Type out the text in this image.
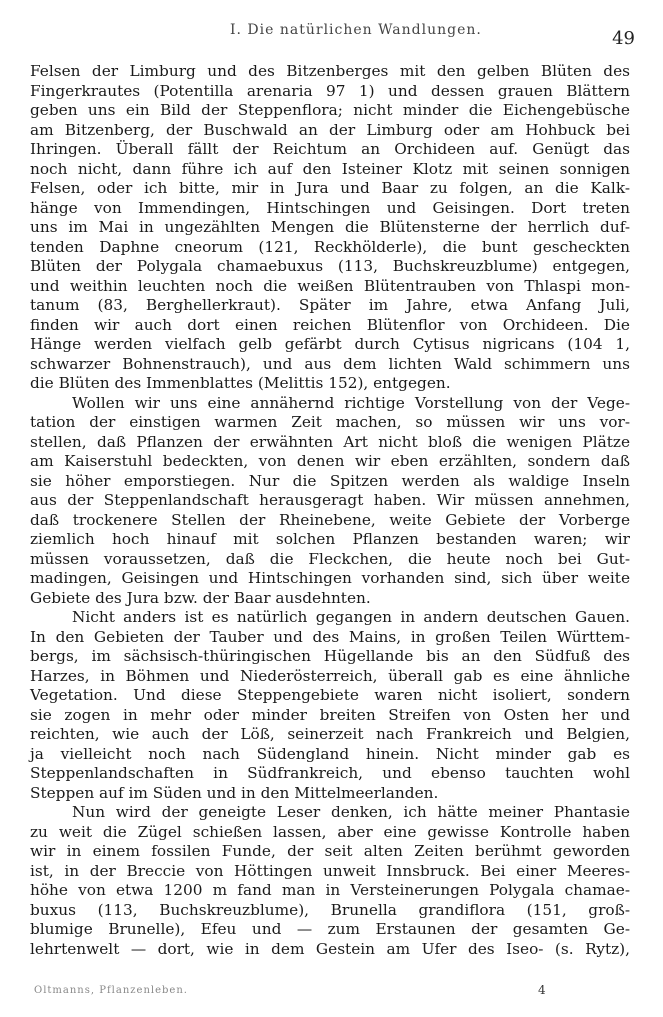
I. Die natürlichen Wandlungen.	49
Felsen der Limburg und des Bitzenberges mit den gelben Blüten des
Fingerkrautes (Potentilla arenaria 97 1) und dessen grauen Blättern
geben uns ein Bild der Steppenflora; nicht minder die Eichengebüsche
am Bitzenberg, der Buschwald an der Limburg oder am Hohbuck bei
Ihringen. Überall fällt der Reichtum an Orchideen auf. Genügt das
noch nicht, dann führe ich auf den Isteiner Klotz mit seinen sonnigen
Felsen, oder ich bitte, mir in Jura und Baar zu folgen, an die Kalk-
hänge von Immendingen, Hintschingen und Geisingen. Dort treten
uns im Mai in ungezählten Mengen die Blütensterne der herrlich duf-
tenden Daphne cneorum (121, Reckhölderle), die bunt gescheckten
Blüten der Polygala chamaebuxus (113, Buchskreuzblume) entgegen,
und weithin leuchten noch die weißen Blütentrauben von Thlaspi mon-
tanum (83, Berghellerkraut). Später im Jahre, etwa Anfang Juli,
finden wir auch dort einen reichen Blütenflor von Orchideen. Die
Hänge werden vielfach gelb gefärbt durch Cytisus nigricans (104 1,
schwarzer Bohnenstrauch), und aus dem lichten Wald schimmern uns
die Blüten des Immenblattes (Melittis 152), entgegen.
Wollen wir uns eine annähernd richtige Vorstellung von der Vege-
tation der einstigen warmen Zeit machen, so müssen wir uns vor-
stellen, daß Pflanzen der erwähnten Art nicht bloß die wenigen Plätze
am Kaiserstuhl bedeckten, von denen wir eben erzählten, sondern daß
sie höher emporstiegen. Nur die Spitzen werden als waldige Inseln
aus der Steppenlandschaft herausgeragt haben. Wir müssen annehmen,
daß trockenere Stellen der Rheinebene, weite Gebiete der Vorberge
ziemlich hoch hinauf mit solchen Pflanzen bestanden waren; wir
müssen voraussetzen, daß die Fleckchen, die heute noch bei Gut-
madingen, Geisingen und Hintschingen vorhanden sind, sich über weite
Gebiete des Jura bzw. der Baar ausdehnten.
Nicht anders ist es natürlich gegangen in andern deutschen Gauen.
In den Gebieten der Tauber und des Mains, in großen Teilen Württem-
bergs, im sächsisch-thüringischen Hügellande bis an den Südfuß des
Harzes, in Böhmen und Niederösterreich, überall gab es eine ähnliche
Vegetation. Und diese Steppengebiete waren nicht isoliert, sondern
sie zogen in mehr oder minder breiten Streifen von Osten her und
reichten, wie auch der Löß, seinerzeit nach Frankreich und Belgien,
ja vielleicht noch nach Südengland hinein. Nicht minder gab es
Steppenlandschaften in Südfrankreich, und ebenso tauchten wohl
Steppen auf im Süden und in den Mittelmeerlanden.
Nun wird der geneigte Leser denken, ich hätte meiner Phantasie
zu weit die Zügel schießen lassen, aber eine gewisse Kontrolle haben
wir in einem fossilen Funde, der seit alten Zeiten berühmt geworden
ist, in der Breccie von Höttingen unweit Innsbruck. Bei einer Meeres-
höhe von etwa 1200 m fand man in Versteinerungen Polygala chamae-
buxus (113, Buchskreuzblume), Brunella grandiflora (151, groß-
blumige Brunelle), Efeu und — zum Erstaunen der gesamten Ge-
lehrtenwelt — dort, wie in dem Gestein am Ufer des Iseo- (s. Rytz),
Oltmanns, Pflanzenleben.	4
